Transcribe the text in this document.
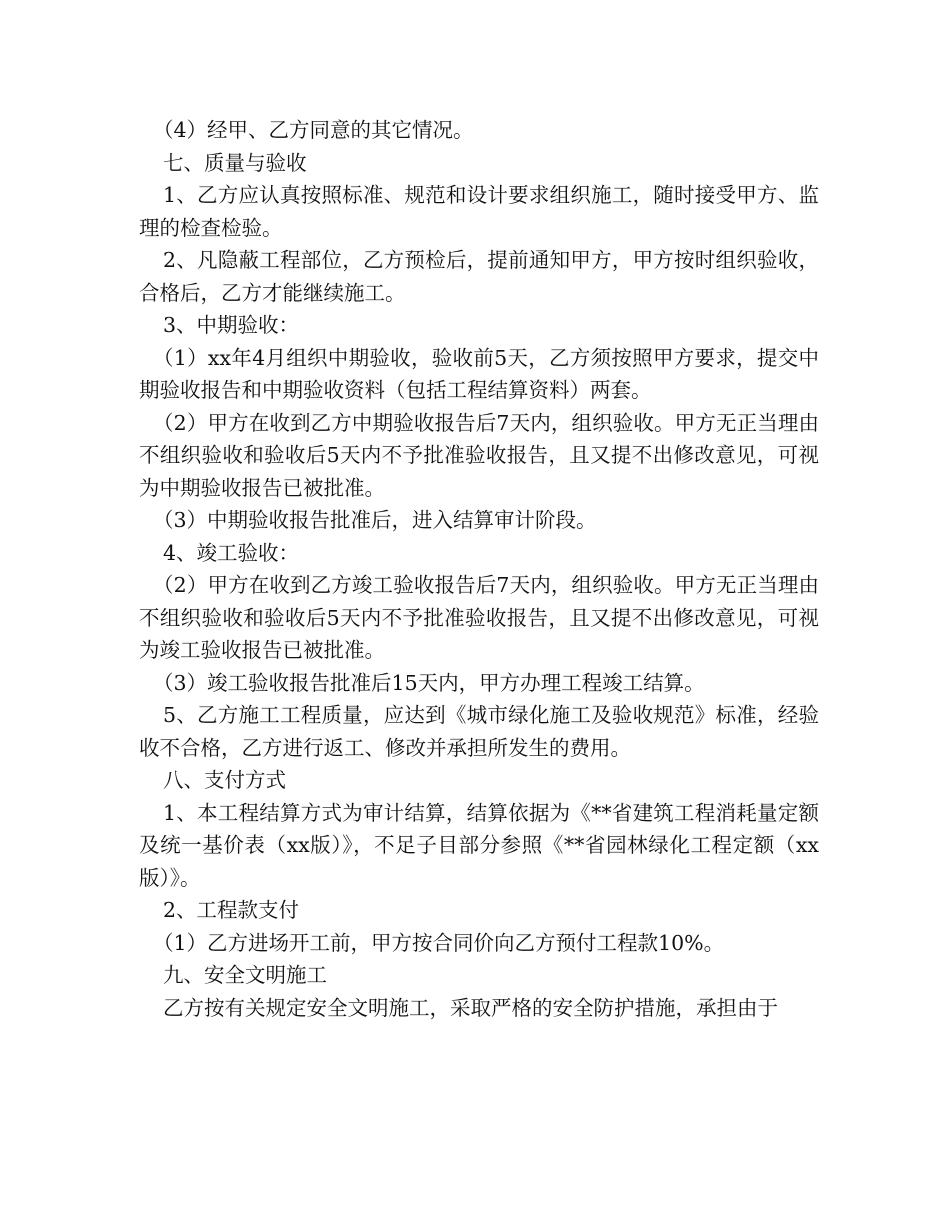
（4）经甲、乙方同意的其它情况。

七、质量与验收

1、乙方应认真按照标准、规范和设计要求组织施工，随时接受甲方、监理的检查检验。

2、凡隐蔽工程部位，乙方预检后，提前通知甲方，甲方按时组织验收，合格后，乙方才能继续施工。

3、中期验收：

（1）xx年4月组织中期验收，验收前5天，乙方须按照甲方要求，提交中期验收报告和中期验收资料（包括工程结算资料）两套。

（2）甲方在收到乙方中期验收报告后7天内，组织验收。甲方无正当理由不组织验收和验收后5天内不予批准验收报告，且又提不出修改意见，可视为中期验收报告已被批准。

（3）中期验收报告批准后，进入结算审计阶段。

4、竣工验收：

（2）甲方在收到乙方竣工验收报告后7天内，组织验收。甲方无正当理由不组织验收和验收后5天内不予批准验收报告，且又提不出修改意见，可视为竣工验收报告已被批准。

（3）竣工验收报告批准后15天内，甲方办理工程竣工结算。

5、乙方施工工程质量，应达到《城市绿化施工及验收规范》标准，经验收不合格，乙方进行返工、修改并承担所发生的费用。

八、支付方式

1、本工程结算方式为审计结算，结算依据为《**省建筑工程消耗量定额及统一基价表（xx版）》，不足子目部分参照《**省园林绿化工程定额（xx版）》。

2、工程款支付

（1）乙方进场开工前，甲方按合同价向乙方预付工程款10%。

九、安全文明施工

乙方按有关规定安全文明施工，采取严格的安全防护措施，承担由于
